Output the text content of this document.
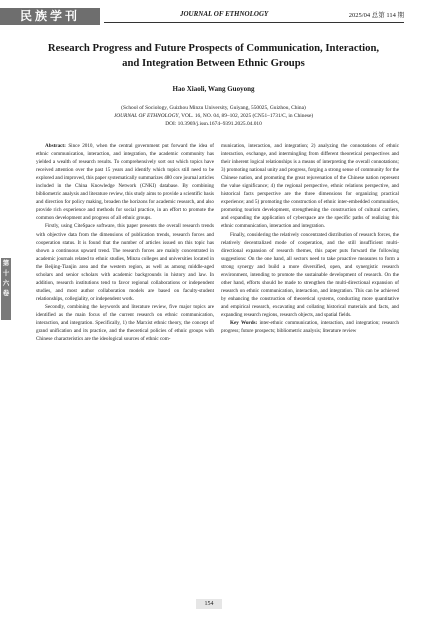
民族学刊	JOURNAL OF ETHNOLOGY	2025/04 总第 114 期
第十六卷
Research Progress and Future Prospects of Communication, Interaction, and Integration Between Ethnic Groups
Hao Xiaoli, Wang Guoyong
(School of Sociology, Guizhou Minzu University, Guiyang, 550025, Guizhou, China)
JOURNAL OF ETHNOLOGY, VOL. 16, NO. 04, 89–102, 2025 (CN51–1731/C, in Chinese)
DOI: 10.3969/j.issn.1674–9391.2025.04.010

Abstract: Since 2010, when the central government put forward the idea of ethnic communication, interaction, and integration, the academic community has yielded a wealth of research results. To comprehensively sort out which topics have received attention over the past 15 years and identify which topics still need to be explored and improved, this paper systematically summarizes 480 core journal articles included in the China Knowledge Network (CNKI) database. By combining bibliometric analysis and literature review, this study aims to provide a scientific basis and direction for policy making, broaden the horizons for academic research, and also provide rich experience and methods for social practice, in an effort to promote the common development and progress of all ethnic groups.

Firstly, using CiteSpace software, this paper presents the overall research trends with objective data from the dimensions of publication trends, research forces and cooperation status. It is found that the number of articles issued on this topic has shown a continuous upward trend. The research forces are mainly concentrated in academic journals related to ethnic studies, Minzu colleges and universities located in the Beijing-Tianjin area and the western region, as well as among middle-aged scholars and senior scholars with academic backgrounds in history and law. In addition, research institutions tend to favor regional collaborations or independent studies, and most author collaboration models are based on faculty-student relationships, collegiality, or independent work.

Secondly, combining the keywords and literature review, five major topics are identified as the main focus of the current research on ethnic communication, interaction, and integration. Specifically, 1) the Marxist ethnic theory, the concept of grand unification and its practice, and the theoretical policies of ethnic groups with Chinese characteristics are the ideological sources of ethnic com-

munication, interaction, and integration; 2) analyzing the connotations of ethnic interaction, exchange, and intermingling from different theoretical perspectives and their inherent logical relationships is a means of interpreting the overall connotations; 3) promoting national unity and progress, forging a strong sense of community for the Chinese nation, and promoting the great rejuvenation of the Chinese nation represent the value significance; 4) the regional perspective, ethnic relations perspective, and historical facts perspective are the three dimensions for organizing practical experience; and 5) promoting the construction of ethnic inter-embedded communities, promoting tourism development, strengthening the construction of cultural carriers, and expanding the application of cyberspace are the specific paths of realizing this ethnic communication, interaction and integration.

Finally, considering the relatively concentrated distribution of research forces, the relatively decentralized mode of cooperation, and the still insufficient multi-directional expansion of research themes, this paper puts forward the following suggestions: On the one hand, all sectors need to take proactive measures to form a strong synergy and build a more diversified, open, and synergistic research environment, intending to promote the sustainable development of research. On the other hand, efforts should be made to strengthen the multi-directional expansion of research on ethnic communication, interaction, and integration. This can be achieved by enhancing the construction of theoretical systems, conducting more quantitative and empirical research, excavating and collating historical materials and facts, and expanding research regions, research objects, and spatial fields.

Key Words: inter-ethnic communication, interaction, and integration; research progress; future prospects; bibliometric analysis; literature review

154
